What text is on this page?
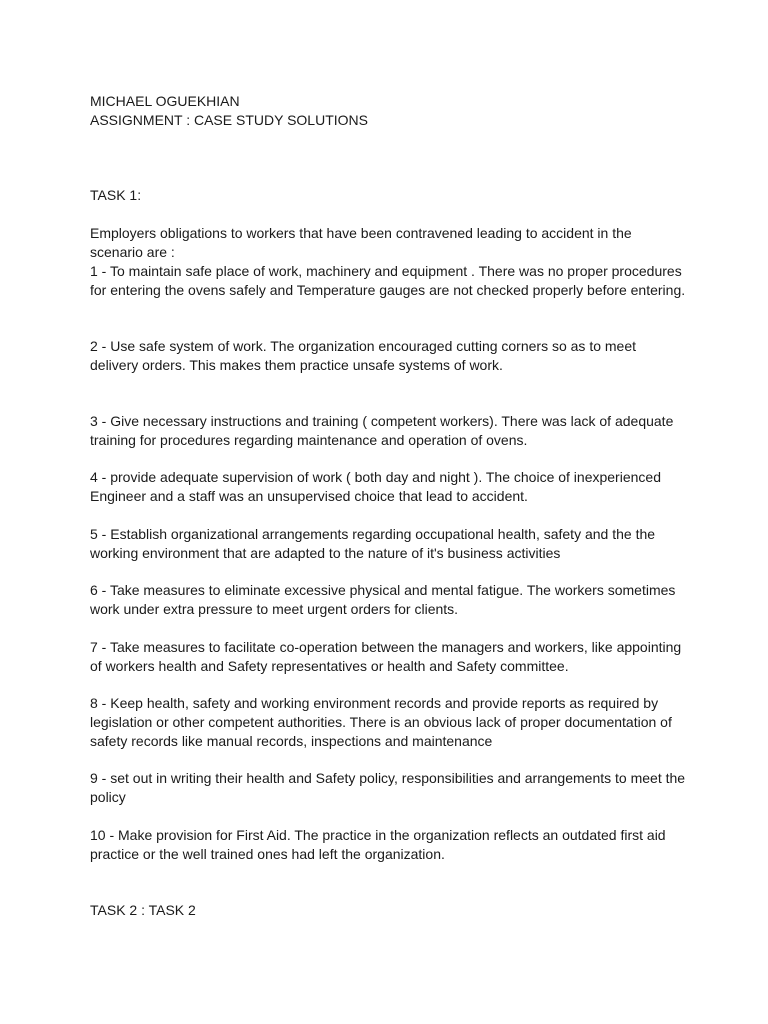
MICHAEL OGUEKHIAN
ASSIGNMENT : CASE STUDY SOLUTIONS
TASK 1:
Employers obligations to workers that have been contravened leading to accident in the
scenario are :
1 - To maintain safe place of work, machinery and equipment . There was no proper procedures
for entering the ovens safely and Temperature gauges are not checked properly before entering.
2 - Use safe system of work. The organization encouraged cutting corners so as to meet
delivery orders. This makes them practice unsafe systems of work.
3 - Give necessary instructions and training ( competent workers). There was lack of adequate
training for procedures regarding maintenance and operation of ovens.
4 - provide adequate supervision of work ( both day and night ). The choice of inexperienced
Engineer and a staff was an unsupervised choice that lead to accident.
5 - Establish organizational arrangements regarding occupational health, safety and the the
working environment that are adapted to the nature of it's business activities
6 - Take measures to eliminate excessive physical and mental fatigue. The workers sometimes
work under extra pressure to meet urgent orders for clients.
7 - Take measures to facilitate co-operation between the managers and workers, like appointing
of workers health and Safety representatives or health and Safety committee.
8 - Keep health, safety and working environment records and provide reports as required by
legislation or other competent authorities. There is an obvious lack of proper documentation of
safety records like manual records, inspections and maintenance
9 - set out in writing their health and Safety policy, responsibilities and arrangements to meet the
policy
10 - Make provision for First Aid. The practice in the organization reflects an outdated first aid
practice or the well trained ones had left the organization.
TASK 2 : TASK 2
